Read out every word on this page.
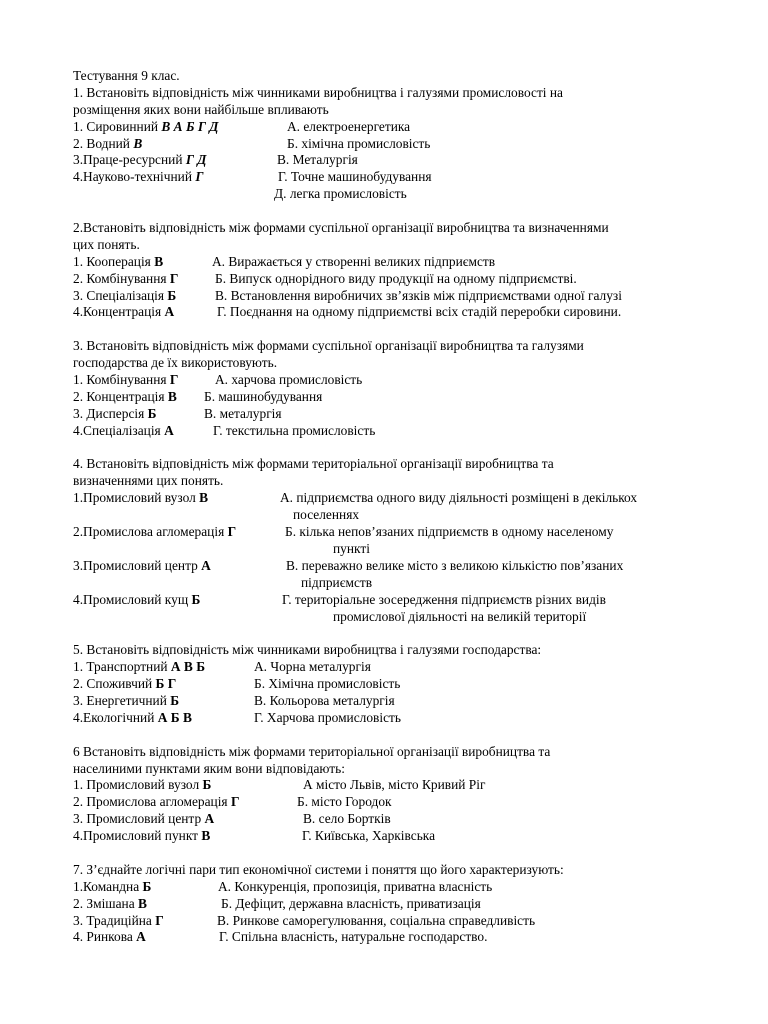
Тестування 9 клас.
1. Встановіть відповідність між чинниками виробництва і галузями промисловості на
розміщення яких вони найбільше впливають
1. Сировинний В А Б Г Д	А. електроенергетика
2. Водний В	Б. хімічна промисловість
3.Праце-ресурсний Г Д	В. Металургія
4.Науково-технічний Г	Г. Точне машинобудування
Д. легка промисловість
2.Встановіть відповідність між формами суспільної організації виробництва та визначеннями
цих понять.
1. Кооперація В	А. Виражається у створенні великих підприємств
2. Комбінування Г	Б. Випуск однорідного виду продукції на одному підприємстві.
3. Спеціалізація Б	В. Встановлення виробничих зв’язків між підприємствами одної галузі
4.Концентрація А	Г. Поєднання на одному підприємстві всіх стадій переробки сировини.
3. Встановіть відповідність між формами суспільної організації виробництва та галузями
господарства де їх використовують.
1. Комбінування Г	А. харчова промисловість
2. Концентрація В Б. машинобудування
3. Дисперсія Б	В. металургія
4.Спеціалізація А	Г. текстильна промисловість
4. Встановіть відповідність між формами територіальної організації виробництва та
визначеннями цих понять.
1.Промисловий вузол В	А. підприємства одного виду діяльності розміщені в декількох
поселеннях
2.Промислова агломерація Г	Б. кілька непов’язаних підприємств в одному населеному
пункті
3.Промисловий центр А	В. переважно велике місто з великою кількістю пов’язаних
підприємств
4.Промисловий кущ Б	Г. територіальне зосередження підприємств різних видів
промислової діяльності на великій території
5. Встановіть відповідність між чинниками виробництва і галузями господарства:
1. Транспортний А В Б	А. Чорна металургія
2. Споживчий Б Г	Б. Хімічна промисловість
3. Енергетичний Б	В. Кольорова металургія
4.Екологічний А Б В	Г. Харчова промисловість
6 Встановіть відповідність між формами територіальної організації виробництва та
населиними пунктами яким вони відповідають:
1. Промисловий вузол Б	А місто Львів, місто Кривий Ріг
2. Промислова агломерація Г	Б. місто Городок
3. Промисловий центр А	В. село Бортків
4.Промисловий пункт В	Г. Київська, Харківська
7. З’єднайте логічні пари тип економічної системи і поняття що його характеризують:
1.Командна Б	А. Конкуренція, пропозиція, приватна власність
2. Змішана В	Б. Дефіцит, державна власність, приватизація
3. Традиційна Г	В. Ринкове саморегулювання, соціальна справедливість
4. Ринкова А	Г. Спільна власність, натуральне господарство.
